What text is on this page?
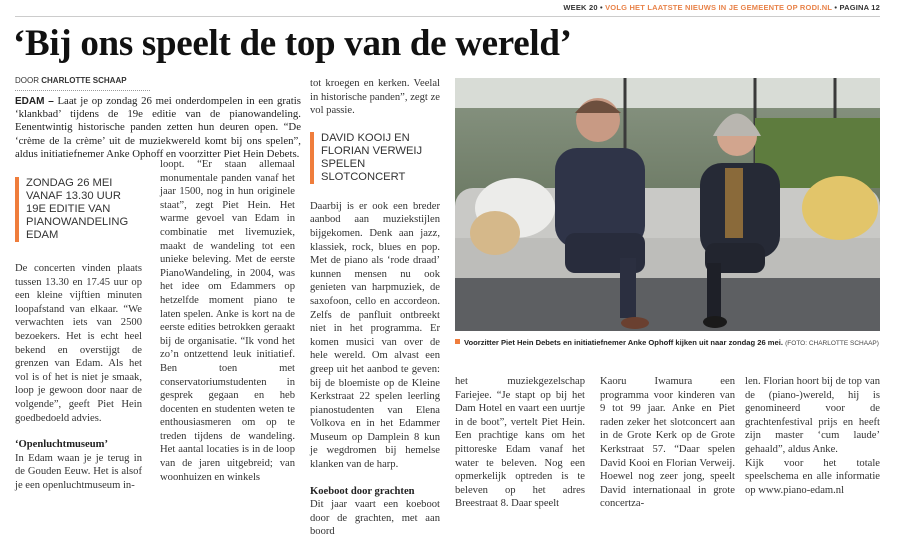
WEEK 20 • VOLG HET LAATSTE NIEUWS IN JE GEMEENTE OP RODI.NL • PAGINA 12
‘Bij ons speelt de top van de wereld’
DOOR CHARLOTTE SCHAAP
EDAM – Laat je op zondag 26 mei onderdompelen in een gratis ‘klankbad’ tijdens de 19e editie van de pianowandeling. Eenentwintig historische panden zetten hun deuren open. “De ‘crème de la crème’ uit de muziekwereld komt bij ons spelen”, aldus initiatiefnemer Anke Ophoff en voorzitter Piet Hein Debets.
ZONDAG 26 MEI
VANAF 13.30 UUR
19E EDITIE VAN
PIANOWANDELING
EDAM

De concerten vinden plaats tussen 13.30 en 17.45 uur op een kleine vijftien minuten loopafstand van elkaar. “We verwachten iets van 2500 bezoekers. Het is echt heel bekend en overstijgt de grenzen van Edam. Als het vol is of het is niet je smaak, loop je gewoon door naar de volgende”, geeft Piet Hein goedbedoeld advies.

‘Openluchtmuseum’

In Edam waan je je terug in de Gouden Eeuw. Het is alsof je een openluchtmuseum in-

loopt. “Er staan allemaal monumentale panden vanaf het jaar 1500, nog in hun originele staat”, zegt Piet Hein. Het warme gevoel van Edam in combinatie met livemuziek, maakt de wandeling tot een unieke beleving. Met de eerste PianoWandeling, in 2004, was het idee om Edammers op hetzelfde moment piano te laten spelen. Anke is kort na de eerste edities betrokken geraakt bij de organisatie. “Ik vond het zo’n ontzettend leuk initiatief. Ben toen met conservatoriumstudenten in gesprek gegaan en heb docenten en studenten weten te enthousiasmeren om op te treden tijdens de wandeling. Het aantal locaties is in de loop van de jaren uitgebreid; van woonhuizen en winkels

tot kroegen en kerken. Veelal in historische panden”, zegt ze vol passie.

DAVID KOOIJ EN
FLORIAN VERWEIJ
SPELEN SLOTCONCERT

Daarbij is er ook een breder aanbod aan muziekstijlen bijgekomen. Denk aan jazz, klassiek, rock, blues en pop. Met de piano als ‘rode draad’ kunnen mensen nu ook genieten van harpmuziek, de saxofoon, cello en accordeon. Zelfs de panfluit ontbreekt niet in het programma. Er komen musici van over de hele wereld. Om alvast een greep uit het aanbod te geven: bij de bloemiste op de Kleine Kerkstraat 22 spelen leerling pianostudenten van Elena Volkova en in het Edammer Museum op Damplein 8 kun je wegdromen bij hemelse klanken van de harp.

Koeboot door grachten

Dit jaar vaart een koeboot door de grachten, met aan boord

Voorzitter Piet Hein Debets en initiatiefnemer Anke Ophoff kijken uit naar zondag 26 mei. (FOTO: CHARLOTTE SCHAAP)

het muziekgezelschap Fariejee. “Je stapt op bij het Dam Hotel en vaart een uurtje in de boot”, vertelt Piet Hein. Een prachtige kans om het pittoreske Edam vanaf het water te beleven. Nog een opmerkelijk optreden is te beleven op het adres Breestraat 8. Daar speelt

Kaoru Iwamura een programma voor kinderen van 9 tot 99 jaar. Anke en Piet raden zeker het slotconcert aan in de Grote Kerk op de Grote Kerkstraat 57. “Daar spelen David Kooi en Florian Verweij. Hoewel nog zeer jong, speelt David internationaal in grote concertza-

len. Florian hoort bij de top van de (piano-)wereld, hij is genomineerd voor de grachtenfestival prijs en heeft zijn master ‘cum laude’ gehaald”, aldus Anke.

Kijk voor het totale speelschema en alle informatie op www.piano-edam.nl
